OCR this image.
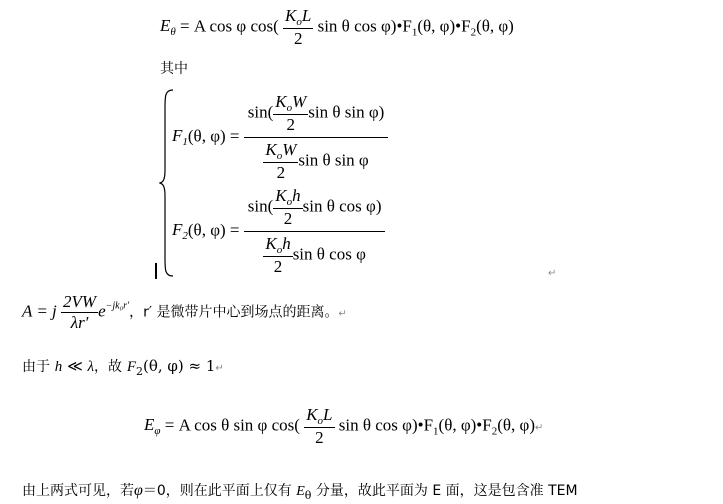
$E_\theta = A$ cos φ $\cos( \frac{K_oL}{2}$ sin θ $\cos \varphi)•F_1(\theta$, $\varphi)•F_2(\theta$, φ)
其中
$F_1(\theta$, $\varphi) = \frac{\sin( \frac{K_oW}{2} \sin \theta \sin \varphi)}{\frac{K_oW}{2} \sin \theta \sin \varphi}$
$F_2(\theta$, $\varphi) = \frac{\sin( \frac{K_oh}{2} \sin \theta \cos \varphi)}{\frac{K_oh}{2} \sin \theta \cos \varphi}$	↵
A = j $\frac{2VW}{\lambda r'} e^{-jk_0r'}$，r′ 是微带片中心到场点的距离。↵
由于 h ≪ λ，故 $F_2(\theta$, φ) ≈ 1↵
$E_\varphi = A$ cos θ sin φ $\cos( \frac{K_oL}{2}$ sin θ $\cos \varphi)•F_1(\theta$, $\varphi)•F_2(\theta$, φ)↵
由上两式可见，若φ＝0，则在此平面上仅有 $E_\theta$ 分量，故此平面为 E 面，这是包含准 TEM
